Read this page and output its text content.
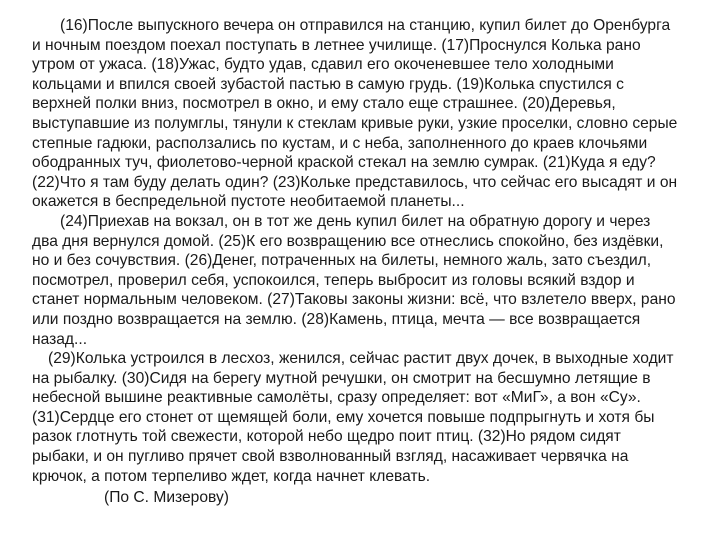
(16)После выпускного вечера он отправился на станцию, купил билет до Оренбурга
и ночным поездом поехал поступать в летнее училище. (17)Проснулся Колька рано
утром от ужаса. (18)Ужас, будто удав, сдавил его окоченевшее тело холодными
кольцами и впился своей зубастой пастью в самую грудь. (19)Колька спустился с
верхней полки вниз, посмотрел в окно, и ему стало еще страшнее. (20)Деревья,
выступавшие из полумглы, тянули к стеклам кривые руки, узкие проселки, словно серые
степные гадюки, расползались по кустам, и с неба, заполненного до краев клочьями
ободранных туч, фиолетово-черной краской стекал на землю сумрак. (21)Куда я еду?
(22)Что я там буду делать один? (23)Кольке представилось, что сейчас его высадят и он
окажется в беспредельной пустоте необитаемой планеты...
(24)Приехав на вокзал, он в тот же день купил билет на обратную дорогу и через
два дня вернулся домой. (25)К его возвращению все отнеслись спокойно, без издёвки,
но и без сочувствия. (26)Денег, потраченных на билеты, немного жаль, зато съездил,
посмотрел, проверил себя, успокоился, теперь выбросит из головы всякий вздор и
станет нормальным человеком. (27)Таковы законы жизни: всё, что взлетело вверх, рано
или поздно возвращается на землю. (28)Камень, птица, мечта — все возвращается
назад...
(29)Колька устроился в лесхоз, женился, сейчас растит двух дочек, в выходные ходит
на рыбалку. (30)Сидя на берегу мутной речушки, он смотрит на бесшумно летящие в
небесной вышине реактивные самолёты, сразу определяет: вот «МиГ», а вон «Су».
(31)Сердце его стонет от щемящей боли, ему хочется повыше подпрыгнуть и хотя бы
разок глотнуть той свежести, которой небо щедро поит птиц. (32)Но рядом сидят
рыбаки, и он пугливо прячет свой взволнованный взгляд, насаживает червячка на
крючок, а потом терпеливо ждет, когда начнет клевать.
(По С. Мизерову)
